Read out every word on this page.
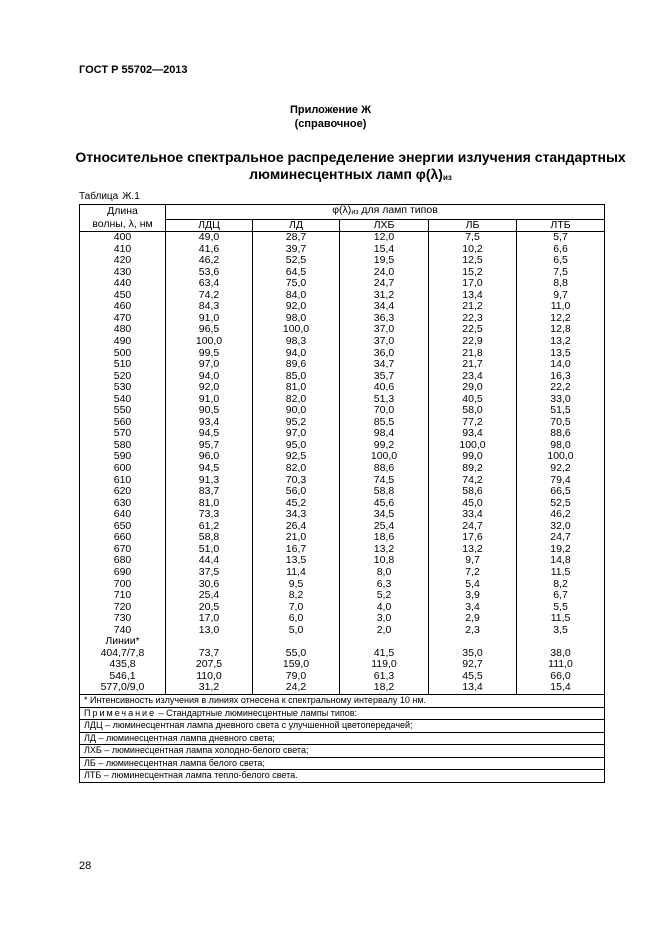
ГОСТ Р 55702—2013
Приложение Ж
(справочное)
Относительное спектральное распределение энергии излучения стандартных
люминесцентных ламп $\varphi(\lambda)_{из}$
Таблица Ж.1
Длина
волны, λ, нм	$\varphi(\lambda)_{из}$ для ламп типов				
	ЛДЦ	ЛД	ЛХБ	ЛБ	ЛТБ
400	49,0	28,7	12,0	7,5	5,7
410	41,6	39,7	15,4	10,2	6,6
420	46,2	52,5	19,5	12,5	6,5
430	53,6	64,5	24,0	15,2	7,5
440	63,4	75,0	24,7	17,0	8,8
450	74,2	84,0	31,2	13,4	9,7
460	84,3	92,0	34,4	21,2	11,0
470	91,0	98,0	36,3	22,3	12,2
480	96,5	100,0	37,0	22,5	12,8
490	100,0	98,3	37,0	22,9	13,2
500	99,5	94,0	36,0	21,8	13,5
510	97,0	89,6	34,7	21,7	14,0
520	94,0	85,0	35,7	23,4	16,3
530	92,0	81,0	40,6	29,0	22,2
540	91,0	82,0	51,3	40,5	33,0
550	90,5	90,0	70,0	58,0	51,5
560	93,4	95,2	85,5	77,2	70,5
570	94,5	97,0	98,4	93,4	88,6
580	95,7	95,0	99,2	100,0	98,0
590	96,0	92,5	100,0	99,0	100,0
600	94,5	82,0	88,6	89,2	92,2
610	91,3	70,3	74,5	74,2	79,4
620	83,7	56,0	58,8	58,6	66,5
630	81,0	45,2	45,6	45,0	52,5
640	73,3	34,3	34,5	33,4	46,2
650	61,2	26,4	25,4	24,7	32,0
660	58,8	21,0	18,6	17,6	24,7
670	51,0	16,7	13,2	13,2	19,2
680	44,4	13,5	10,8	9,7	14,8
690	37,5	11,4	8,0	7,2	11,5
700	30,6	9,5	6,3	5,4	8,2
710	25,4	8,2	5,2	3,9	6,7
720	20,5	7,0	4,0	3,4	5,5
730	17,0	6,0	3,0	2,9	11,5
740	13,0	5,0	2,0	2,3	3,5
Линии*					
404,7/7,8	73,7	55,0	41,5	35,0	38,0
435,8	207,5	159,0	119,0	92,7	111,0
546,1	110,0	79,0	61,3	45,5	66,0
577,0/9,0	31,2	24,2	18,2	13,4	15,4
* Интенсивность излучения в линиях отнесена к спектральному интервалу 10 нм.					
Примечание – Стандартные люминесцентные лампы типов:					
ЛДЦ – люминесцентная лампа дневного света с улучшенной цветопередачей;					
ЛД – люминесцентная лампа дневного света;					
ЛХБ – люминесцентная лампа холодно-белого света;					
ЛБ – люминесцентная лампа белого света;					
ЛТБ – люминесцентная лампа тепло-белого света.					
28
